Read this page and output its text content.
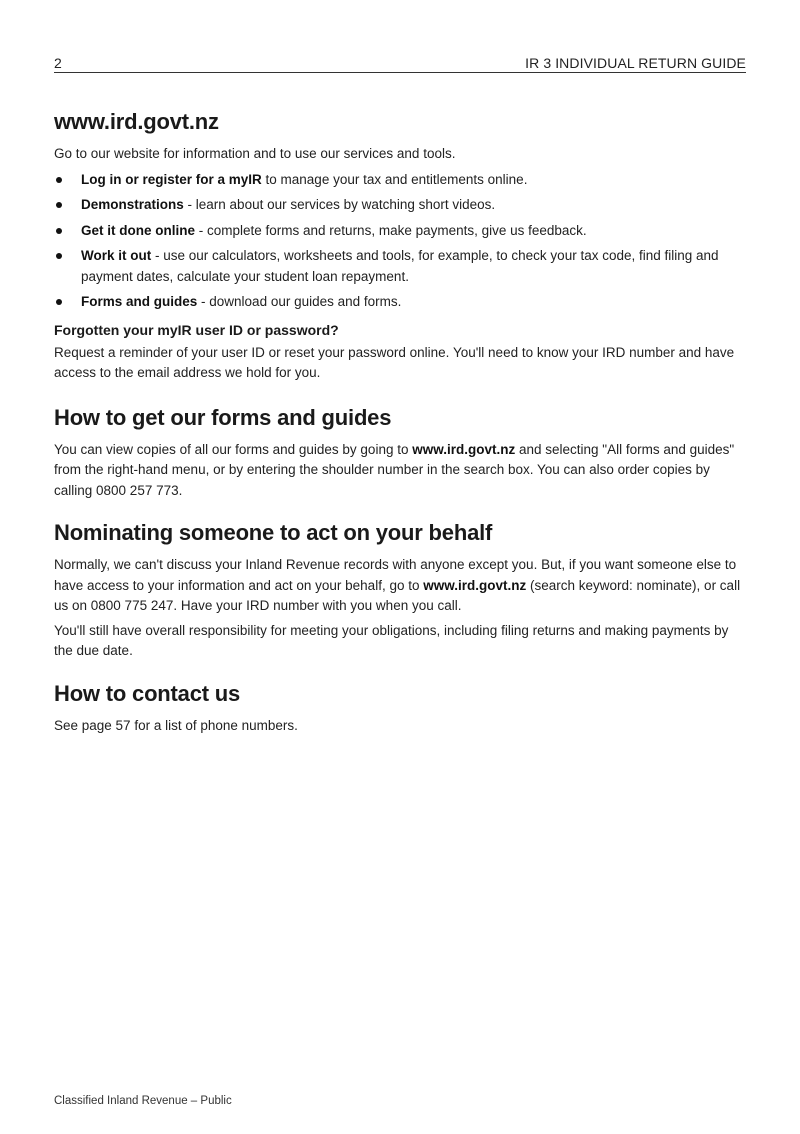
2	IR 3 INDIVIDUAL RETURN GUIDE
www.ird.govt.nz

Go to our website for information and to use our services and tools.

Log in or register for a myIR to manage your tax and entitlements online.
Demonstrations - learn about our services by watching short videos.
Get it done online - complete forms and returns, make payments, give us feedback.
Work it out - use our calculators, worksheets and tools, for example, to check your tax code, find filing and payment dates, calculate your student loan repayment.
Forms and guides - download our guides and forms.
Forgotten your myIR user ID or password?

Request a reminder of your user ID or reset your password online. You'll need to know your IRD number and have access to the email address we hold for you.

How to get our forms and guides

You can view copies of all our forms and guides by going to www.ird.govt.nz and selecting "All forms and guides" from the right-hand menu, or by entering the shoulder number in the search box. You can also order copies by calling 0800 257 773.

Nominating someone to act on your behalf

Normally, we can't discuss your Inland Revenue records with anyone except you. But, if you want someone else to have access to your information and act on your behalf, go to www.ird.govt.nz (search keyword: nominate), or call us on 0800 775 247. Have your IRD number with you when you call.

You'll still have overall responsibility for meeting your obligations, including filing returns and making payments by the due date.

How to contact us

See page 57 for a list of phone numbers.

Classified Inland Revenue – Public
